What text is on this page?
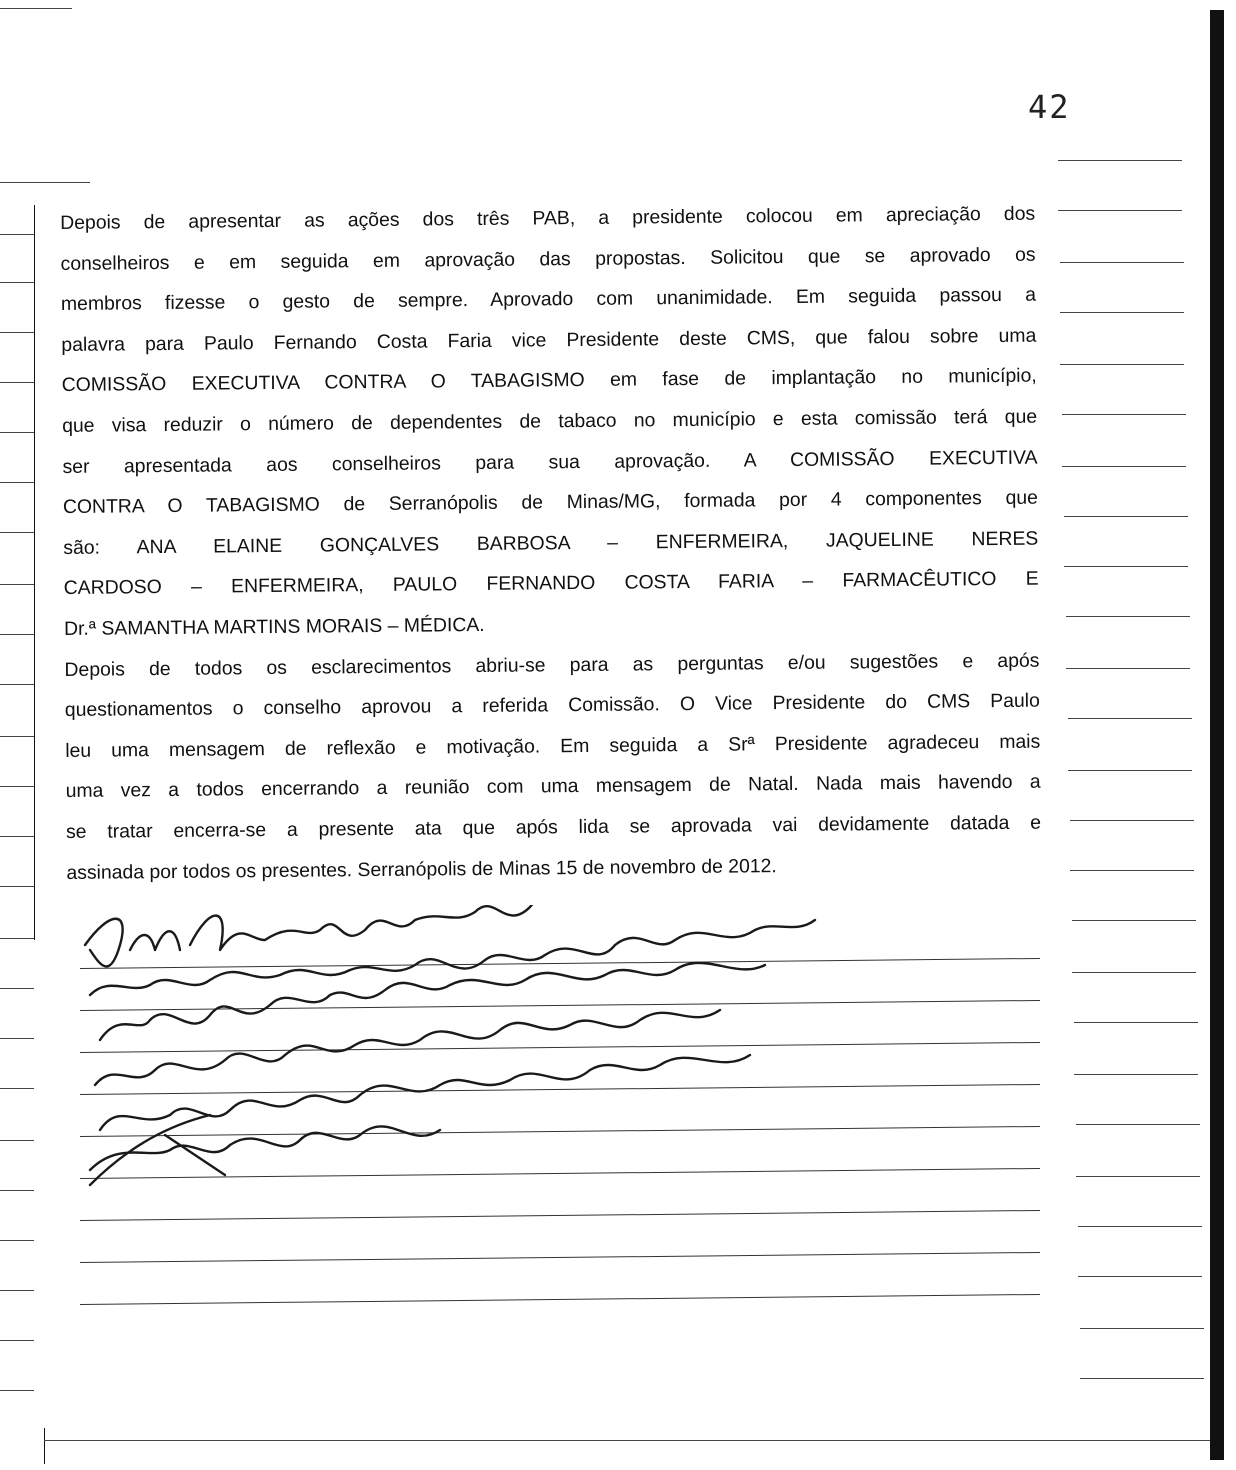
42
Depois de apresentar as ações dos três PAB, a presidente colocou em apreciação dos
conselheiros e em seguida em aprovação das propostas. Solicitou que se aprovado os
membros fizesse o gesto de sempre. Aprovado com unanimidade. Em seguida passou a
palavra para Paulo Fernando Costa Faria vice Presidente deste CMS, que falou sobre uma
COMISSÃO EXECUTIVA CONTRA O TABAGISMO em fase de implantação no município,
que visa reduzir o número de dependentes de tabaco no município e esta comissão terá que
ser apresentada aos conselheiros para sua aprovação. A COMISSÃO EXECUTIVA
CONTRA O TABAGISMO de Serranópolis de Minas/MG, formada por 4 componentes que
são: ANA ELAINE GONÇALVES BARBOSA – ENFERMEIRA, JAQUELINE NERES
CARDOSO – ENFERMEIRA, PAULO FERNANDO COSTA FARIA – FARMACÊUTICO E
Dr.ª SAMANTHA MARTINS MORAIS – MÉDICA.
Depois de todos os esclarecimentos abriu-se para as perguntas e/ou sugestões e após
questionamentos o conselho aprovou a referida Comissão. O Vice Presidente do CMS Paulo
leu uma mensagem de reflexão e motivação. Em seguida a Srª Presidente agradeceu mais
uma vez a todos encerrando a reunião com uma mensagem de Natal. Nada mais havendo a
se tratar encerra-se a presente ata que após lida se aprovada vai devidamente datada e
assinada por todos os presentes. Serranópolis de Minas 15 de novembro de 2012.
